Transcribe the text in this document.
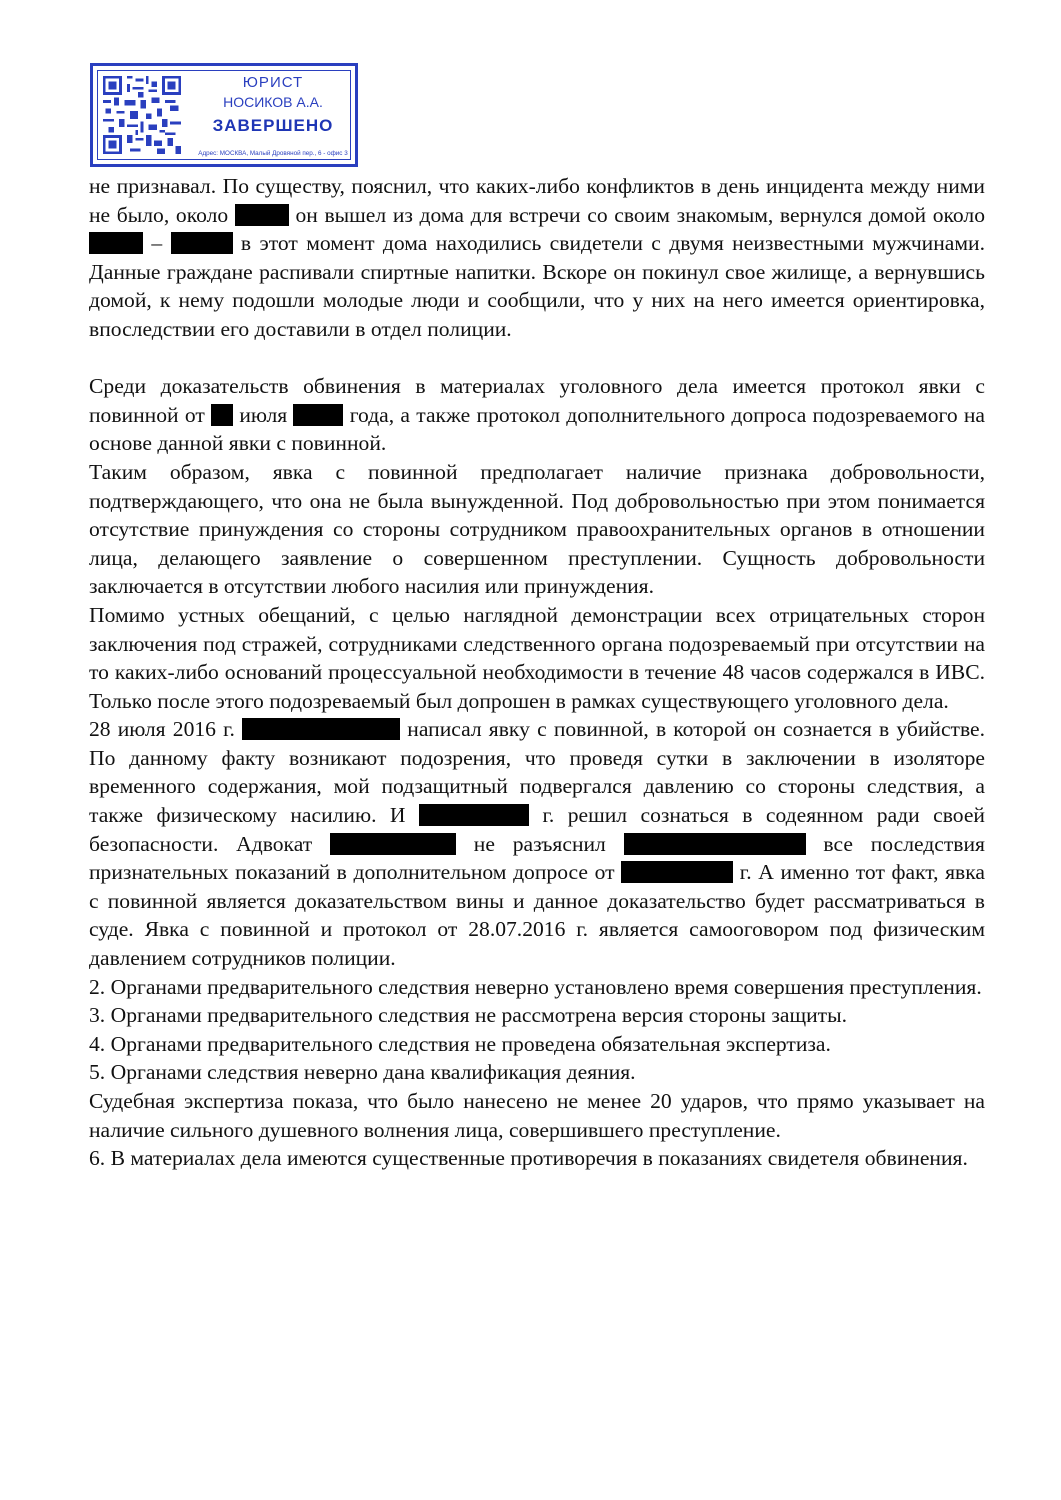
ЮРИСТ
НОСИКОВ А.А.
ЗАВЕРШЕНО
Адрес: МОСКВА, Малый Дровяной пер., 6 - офис 3

не признавал. По существу, пояснил, что каких-либо конфликтов в день инцидента между ними не было, около	он вышел из дома для встречи со своим знакомым, вернулся домой около  –	в этот момент дома находились свидетели с двумя неизвестными мужчинами. Данные граждане распивали спиртные напитки. Вскоре он покинул свое жилище, а вернувшись домой, к нему подошли молодые люди и сообщили, что у них на него имеется ориентировка, впоследствии его доставили в отдел полиции.

Среди доказательств обвинения в материалах уголовного дела имеется протокол явки с повинной от июля	года, а также протокол дополнительного допроса подозреваемого на основе данной явки с повинной.

Таким образом, явка с повинной предполагает наличие признака добровольности, подтверждающего, что она не была вынужденной. Под добровольностью при этом понимается отсутствие принуждения со стороны сотрудником правоохранительных органов в отношении лица, делающего заявление о совершенном преступлении. Сущность добровольности заключается в отсутствии любого насилия или принуждения.

Помимо устных обещаний, с целью наглядной демонстрации всех отрицательных сторон заключения под стражей, сотрудниками следственного органа подозреваемый при отсутствии на то каких-либо оснований процессуальной необходимости в течение 48 часов содержался в ИВС. Только после этого подозреваемый был допрошен в рамках существующего уголовного дела.

28 июля 2016 г.	написал явку с повинной, в которой он сознается в убийстве. По данному факту возникают подозрения, что проведя сутки в заключении в изоляторе временного содержания, мой подзащитный подвергался давлению со стороны следствия, а также физическому насилию. И	г. решил сознаться в содеянном ради своей безопасности. Адвокат	не разъяснил	все последствия признательных показаний в дополнительном допросе от	г. А именно тот факт, явка с повинной является доказательством вины и данное доказательство будет рассматриваться в суде. Явка с повинной и протокол от 28.07.2016 г. является самооговором под физическим давлением сотрудников полиции.

2. Органами предварительного следствия неверно установлено время совершения преступления.

3. Органами предварительного следствия не рассмотрена версия стороны защиты.

4. Органами предварительного следствия не проведена обязательная экспертиза.

5. Органами следствия неверно дана квалификация деяния.

Судебная экспертиза показа, что было нанесено не менее 20 ударов, что прямо указывает на наличие сильного душевного волнения лица, совершившего преступление.

6. В материалах дела имеются существенные противоречия в показаниях свидетеля обвинения.
